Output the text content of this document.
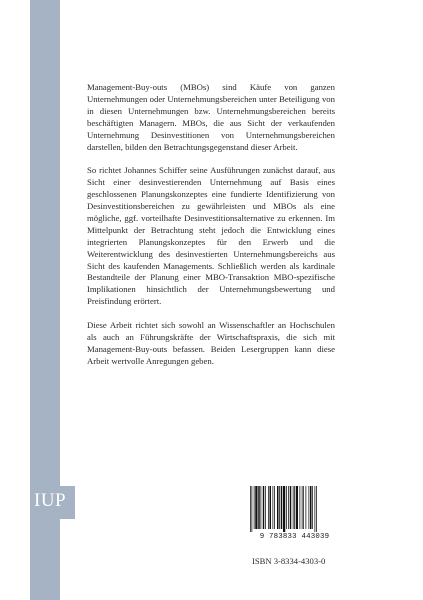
Management-Buy-outs (MBOs) sind Käufe von ganzen Unternehmungen oder Unternehmungsbereichen unter Beteiligung von in diesen Unternehmungen bzw. Unternehmungsbereichen bereits beschäftigten Managern. MBOs, die aus Sicht der verkaufenden Unternehmung Desinvestitionen von Unternehmungsbereichen darstellen, bilden den Betrachtungsgegenstand dieser Arbeit.

So richtet Johannes Schiffer seine Ausführungen zunächst darauf, aus Sicht einer desinvestierenden Unternehmung auf Basis eines geschlossenen Planungskonzeptes eine fundierte Identifizierung von Desinvestitionsbereichen zu gewährleisten und MBOs als eine mögliche, ggf. vorteilhafte Desinvestitionsalternative zu erkennen. Im Mittelpunkt der Betrachtung steht jedoch die Entwicklung eines integrierten Planungskonzeptes für den Erwerb und die Weiterentwicklung des desinvestierten Unternehmungsbereichs aus Sicht des kaufenden Managements. Schließlich werden als kardinale Bestandteile der Planung einer MBO-Transaktion MBO-spezifische Implikationen hinsichtlich der Unternehmungsbewertung und Preisfindung erörtert.

Diese Arbeit richtet sich sowohl an Wissenschaftler an Hochschulen als auch an Führungskräfte der Wirtschaftspraxis, die sich mit Management-Buy-outs befassen. Beiden Lesergruppen kann diese Arbeit wertvolle Anregungen geben.

IUP
9 783833 443039
ISBN 3-8334-4303-0
